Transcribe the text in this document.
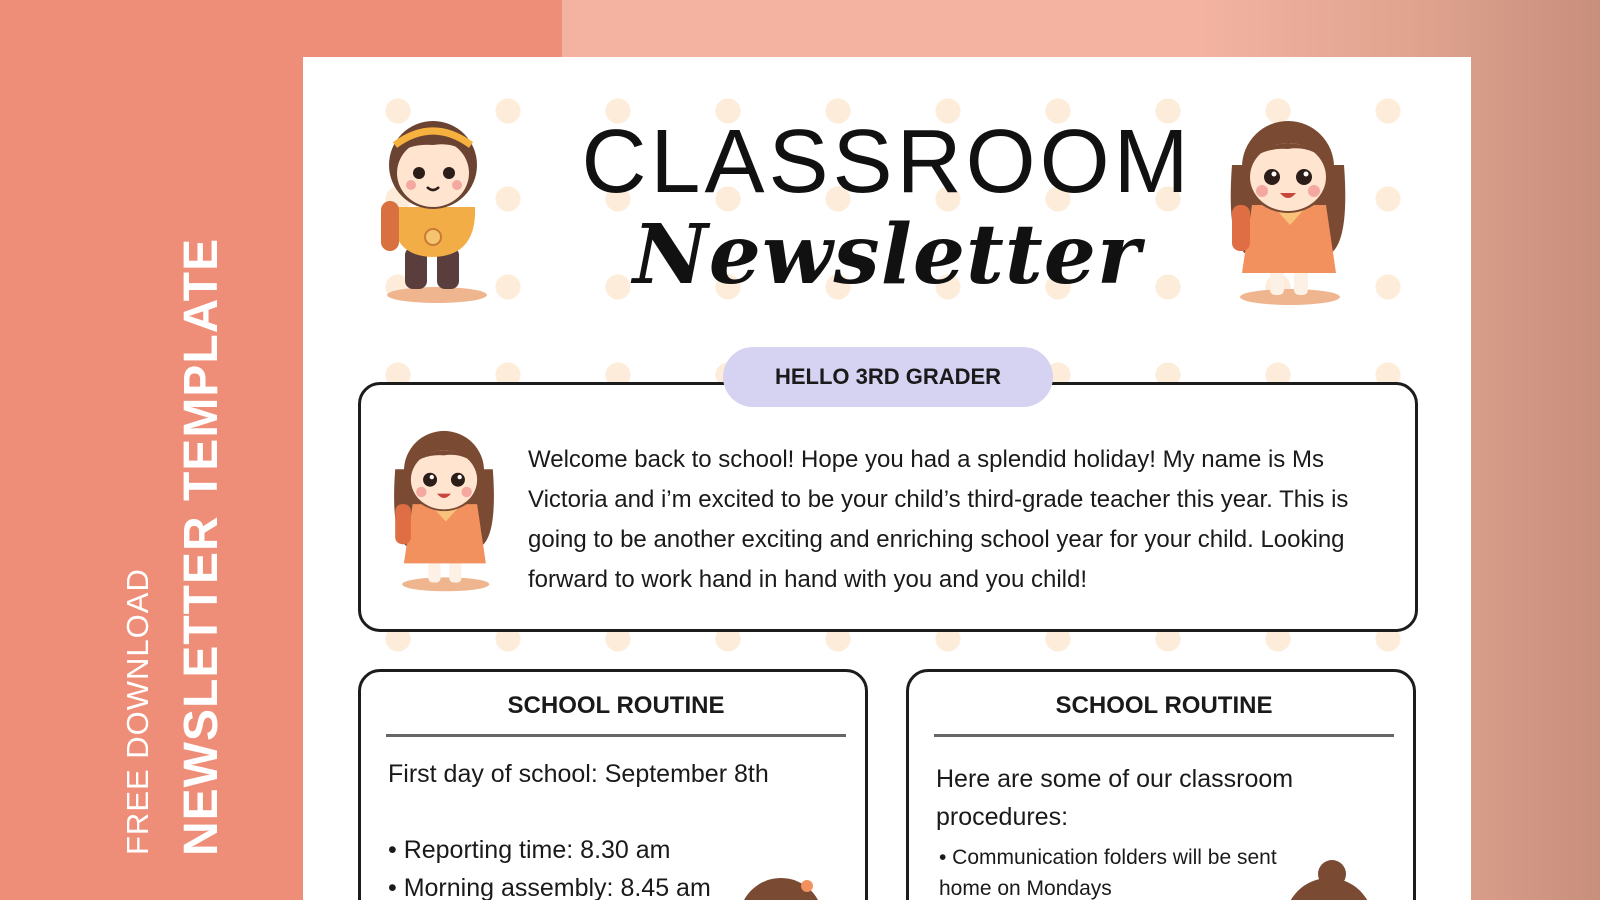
FREE DOWNLOAD NEWSLETTER TEMPLATE
CLASSROOM
Newsletter
Welcome back to school! Hope you had a splendid holiday! My name is Ms Victoria and i’m excited to be your child’s third-grade teacher this year. This is going to be another exciting and enriching school year for your child. Looking forward to work hand in hand with you and you child!
HELLO 3RD GRADER
SCHOOL ROUTINE
First day of school: September 8th
• Reporting time: 8.30 am
• Morning assembly: 8.45 am
SCHOOL ROUTINE
Here are some of our classroom procedures:
• Communication folders will be sent home on Mondays
